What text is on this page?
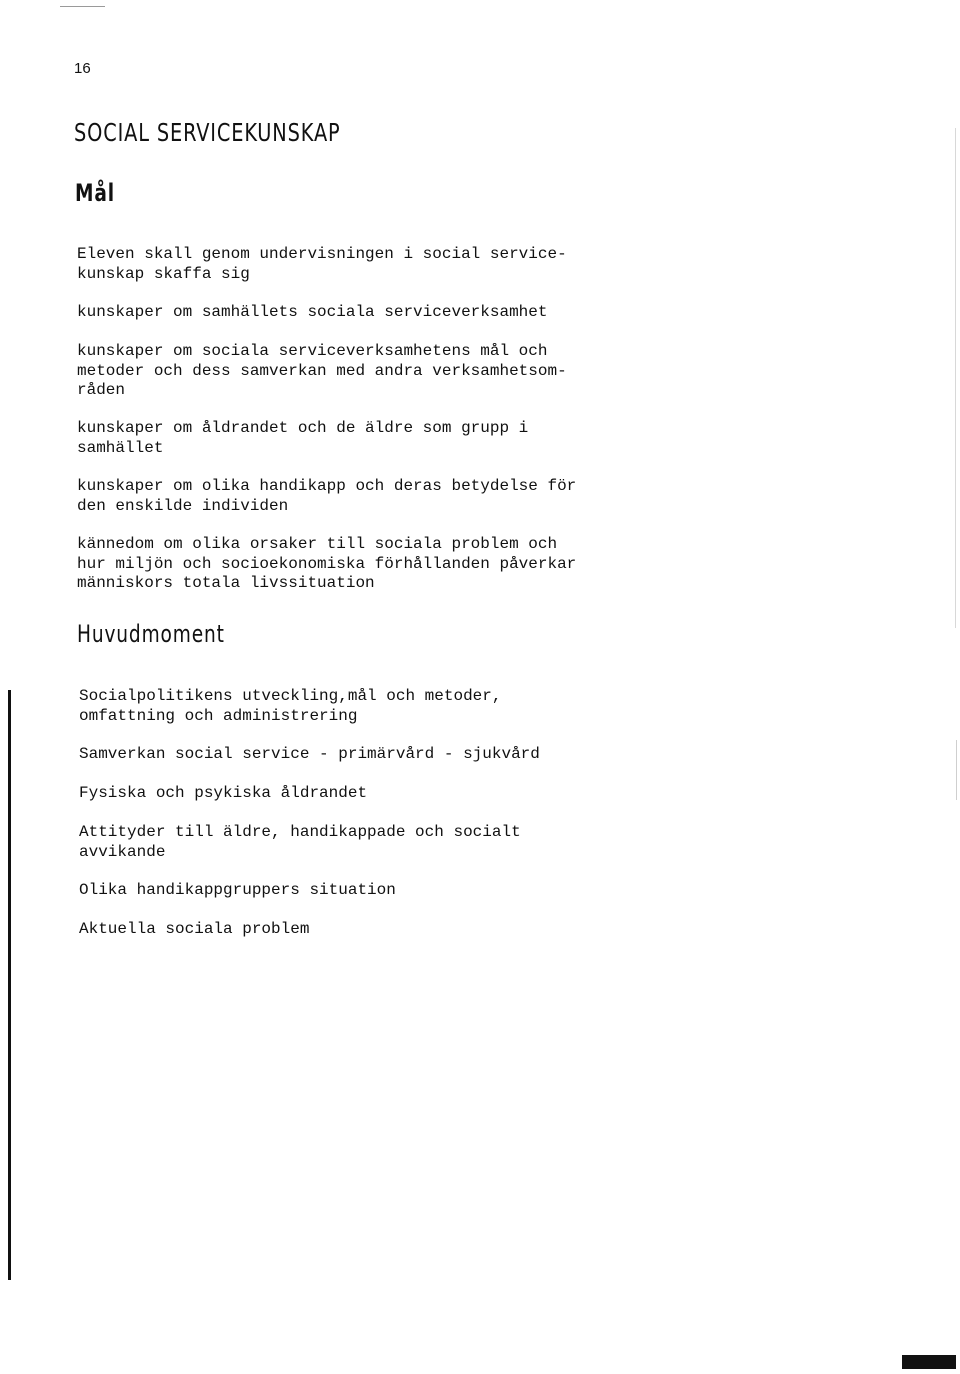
16
SOCIAL SERVICEKUNSKAP
Mål

Eleven skall genom undervisningen i social service-
kunskap skaffa sig

kunskaper om samhällets sociala serviceverksamhet

kunskaper om sociala serviceverksamhetens mål och
metoder och dess samverkan med andra verksamhetsom-
råden

kunskaper om åldrandet och de äldre som grupp i
samhället

kunskaper om olika handikapp och deras betydelse för
den enskilde individen

kännedom om olika orsaker till sociala problem och
hur miljön och socioekonomiska förhållanden påverkar
människors totala livssituation

Huvudmoment

Socialpolitikens utveckling,mål och metoder,
omfattning och administrering

Samverkan social service - primärvård - sjukvård

Fysiska och psykiska åldrandet

Attityder till äldre, handikappade och socialt
avvikande

Olika handikappgruppers situation

Aktuella sociala problem
